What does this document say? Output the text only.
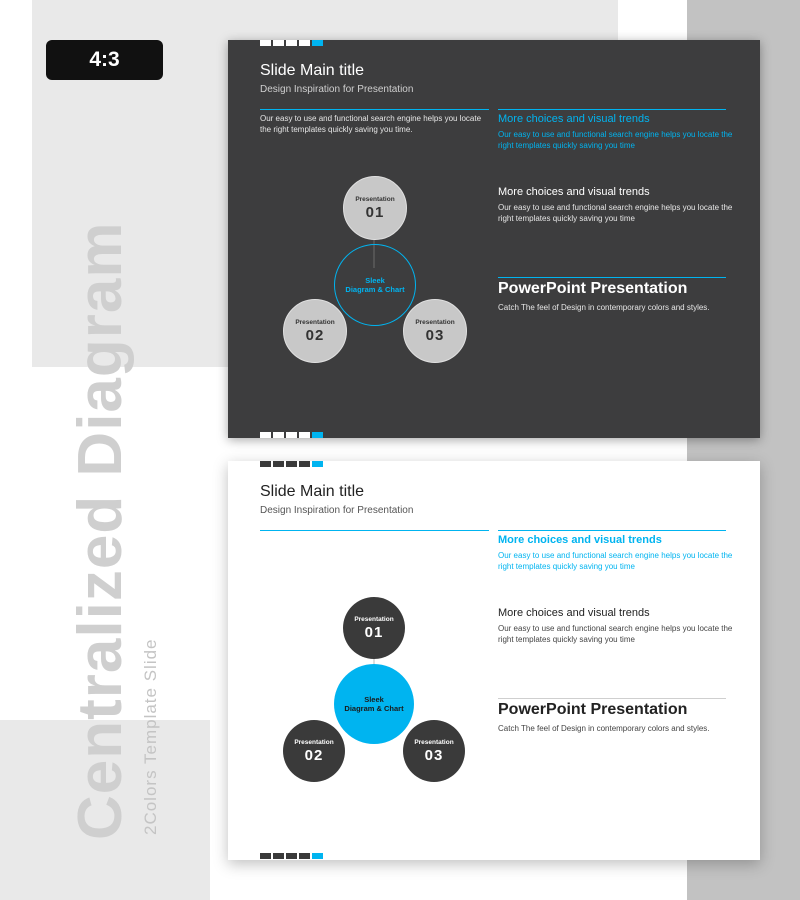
4:3
Centralized Diagram 2Colors Template Slide
Slide Main title
Design Inspiration for Presentation
Our easy to use and functional search engine helps you locate the right templates quickly saving you time.
More choices and visual trends
Our easy to use and functional search engine helps you locate the right templates quickly saving you time
More choices and visual trends
Our easy to use and functional search engine helps you locate the right templates quickly saving you time
PowerPoint Presentation
Catch The feel of Design in contemporary colors and styles.
Sleek
Diagram & Chart
Presentation
01
Presentation
02
Presentation
03
Slide Main title
Design Inspiration for Presentation
More choices and visual trends
Our easy to use and functional search engine helps you locate the right templates quickly saving you time
More choices and visual trends
Our easy to use and functional search engine helps you locate the right templates quickly saving you time
PowerPoint Presentation
Catch The feel of Design in contemporary colors and styles.
Sleek
Diagram & Chart
Presentation
01
Presentation
02
Presentation
03
